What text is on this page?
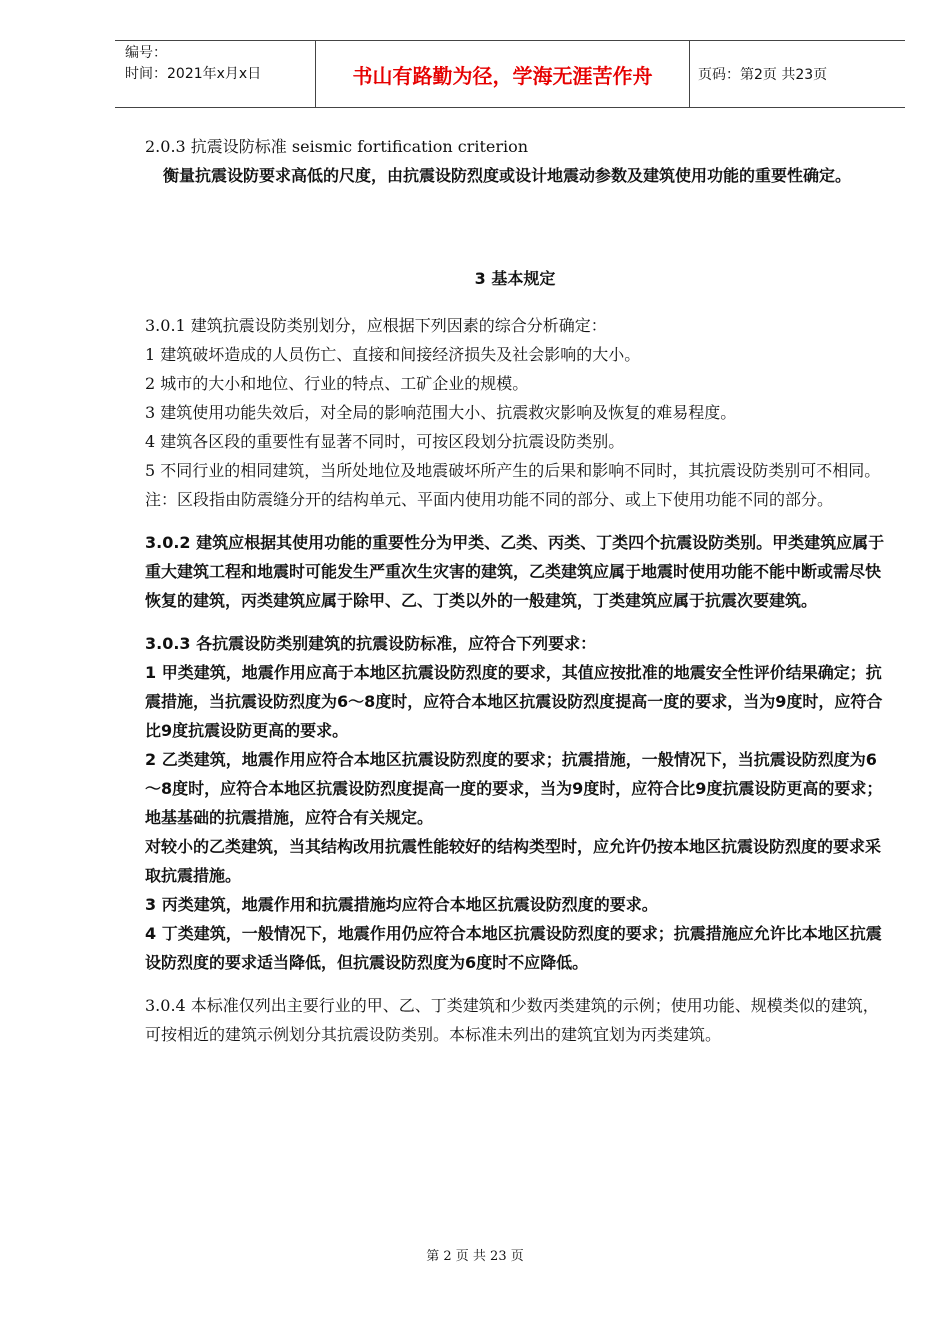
编号：
时间：2021年x月x日	书山有路勤为径，学海无涯苦作舟	页码：第2页 共23页

2.0.3 抗震设防标准 seismic fortification criterion

衡量抗震设防要求高低的尺度，由抗震设防烈度或设计地震动参数及建筑使用功能的重要性确定。

3 基本规定

3.0.1 建筑抗震设防类别划分，应根据下列因素的综合分析确定：

1 建筑破坏造成的人员伤亡、直接和间接经济损失及社会影响的大小。

2 城市的大小和地位、行业的特点、工矿企业的规模。

3 建筑使用功能失效后，对全局的影响范围大小、抗震救灾影响及恢复的难易程度。

4 建筑各区段的重要性有显著不同时，可按区段划分抗震设防类别。

5 不同行业的相同建筑，当所处地位及地震破坏所产生的后果和影响不同时，其抗震设防类别可不相同。

注：区段指由防震缝分开的结构单元、平面内使用功能不同的部分、或上下使用功能不同的部分。

3.0.2 建筑应根据其使用功能的重要性分为甲类、乙类、丙类、丁类四个抗震设防类别。甲类建筑应属于重大建筑工程和地震时可能发生严重次生灾害的建筑，乙类建筑应属于地震时使用功能不能中断或需尽快恢复的建筑，丙类建筑应属于除甲、乙、丁类以外的一般建筑，丁类建筑应属于抗震次要建筑。

3.0.3 各抗震设防类别建筑的抗震设防标准，应符合下列要求：

1 甲类建筑，地震作用应高于本地区抗震设防烈度的要求，其值应按批准的地震安全性评价结果确定；抗震措施，当抗震设防烈度为6～8度时，应符合本地区抗震设防烈度提高一度的要求，当为9度时，应符合比9度抗震设防更高的要求。

2 乙类建筑，地震作用应符合本地区抗震设防烈度的要求；抗震措施，一般情况下，当抗震设防烈度为6～8度时，应符合本地区抗震设防烈度提高一度的要求，当为9度时，应符合比9度抗震设防更高的要求；地基基础的抗震措施，应符合有关规定。

对较小的乙类建筑，当其结构改用抗震性能较好的结构类型时，应允许仍按本地区抗震设防烈度的要求采取抗震措施。

3 丙类建筑，地震作用和抗震措施均应符合本地区抗震设防烈度的要求。

4 丁类建筑，一般情况下，地震作用仍应符合本地区抗震设防烈度的要求；抗震措施应允许比本地区抗震设防烈度的要求适当降低，但抗震设防烈度为6度时不应降低。

3.0.4 本标准仅列出主要行业的甲、乙、丁类建筑和少数丙类建筑的示例；使用功能、规模类似的建筑，可按相近的建筑示例划分其抗震设防类别。本标准未列出的建筑宜划为丙类建筑。

第 2 页 共 23 页
